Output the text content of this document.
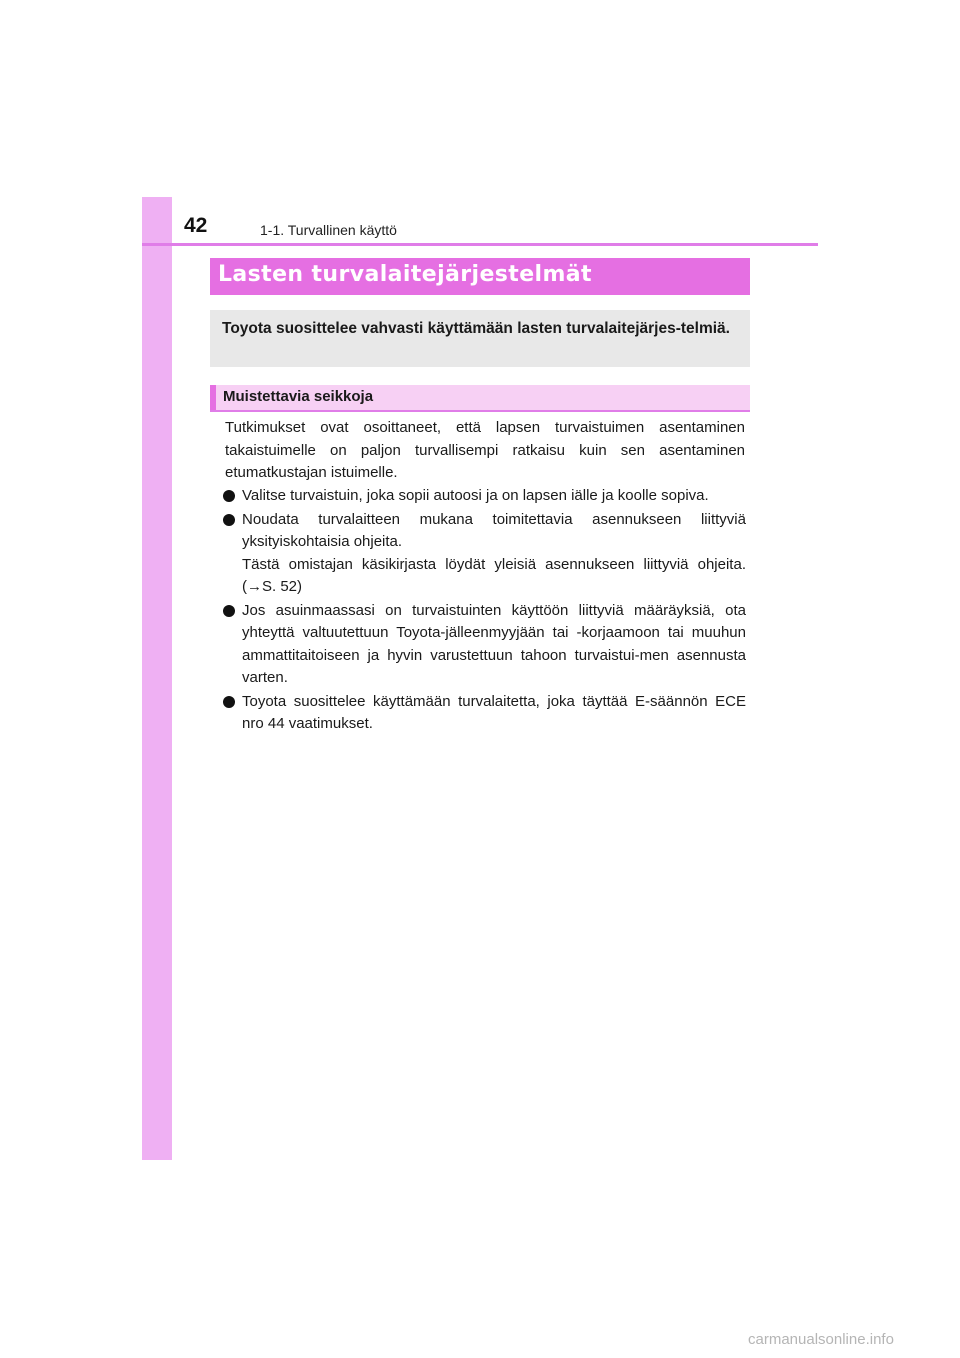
42	1-1. Turvallinen käyttö
Lasten turvalaitejärjestelmät
Toyota suosittelee vahvasti käyttämään lasten turvalaitejärjes-telmiä.
Muistettavia seikkoja
Tutkimukset ovat osoittaneet, että lapsen turvaistuimen asentaminen takaistuimelle on paljon turvallisempi ratkaisu kuin sen asentaminen etumatkustajan istuimelle.
Valitse turvaistuin, joka sopii autoosi ja on lapsen iälle ja koolle sopiva.
Noudata turvalaitteen mukana toimitettavia asennukseen liittyviä yksityiskohtaisia ohjeita.
Tästä omistajan käsikirjasta löydät yleisiä asennukseen liittyviä ohjeita. (→S. 52)
Jos asuinmaassasi on turvaistuinten käyttöön liittyviä määräyksiä, ota yhteyttä valtuutettuun Toyota-jälleenmyyjään tai -korjaamoon tai muuhun ammattitaitoiseen ja hyvin varustettuun tahoon turvaistui-men asennusta varten.
Toyota suosittelee käyttämään turvalaitetta, joka täyttää E-säännön ECE nro 44 vaatimukset.
carmanualsonline.info
